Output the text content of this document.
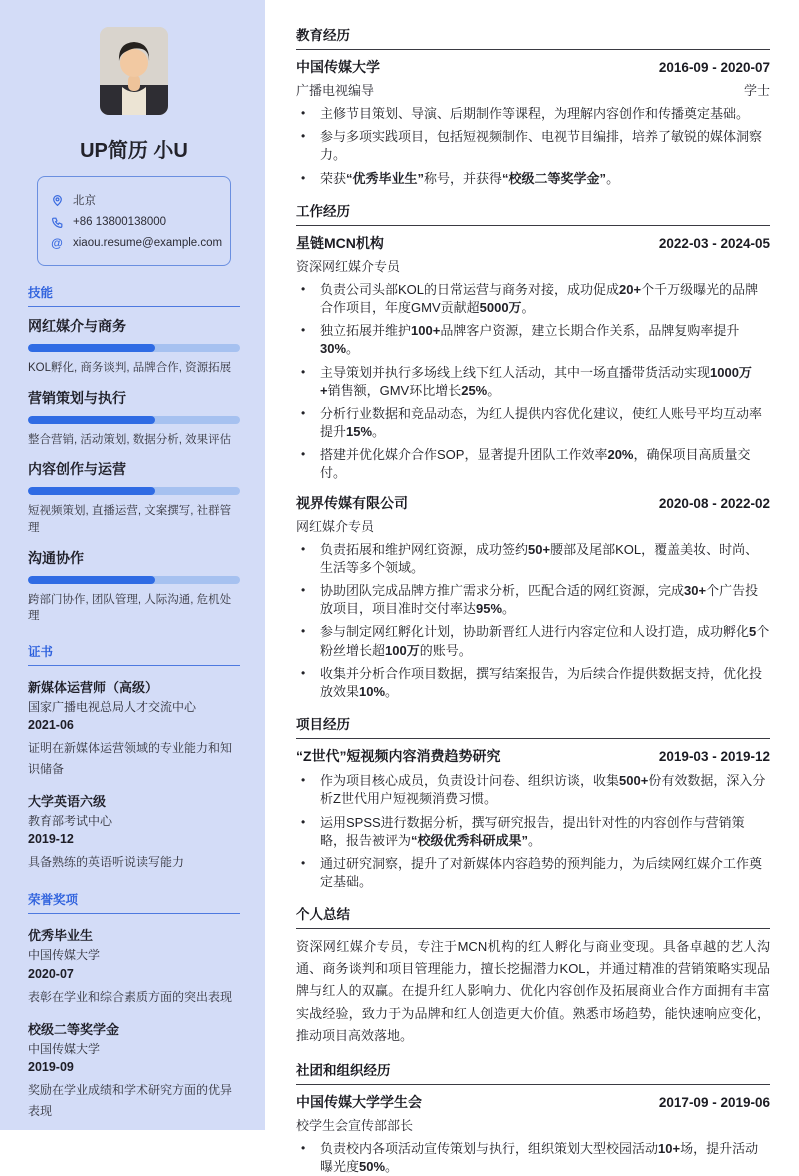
UP简历 小U
北京
+86 13800138000
@ xiaou.resume@example.com
技能
网红媒介与商务
KOL孵化, 商务谈判, 品牌合作, 资源拓展
营销策划与执行
整合营销, 活动策划, 数据分析, 效果评估
内容创作与运营
短视频策划, 直播运营, 文案撰写, 社群管理
沟通协作
跨部门协作, 团队管理, 人际沟通, 危机处理
证书
新媒体运营师（高级）
国家广播电视总局人才交流中心
2021-06
证明在新媒体运营领域的专业能力和知识储备
大学英语六级
教育部考试中心
2019-12
具备熟练的英语听说读写能力
荣誉奖项
优秀毕业生
中国传媒大学
2020-07
表彰在学业和综合素质方面的突出表现
校级二等奖学金
中国传媒大学
2019-09
奖励在学业成绩和学术研究方面的优异表现
教育经历
中国传媒大学	2016-09 - 2020-07
广播电视编导	学士
•	主修节目策划、导演、后期制作等课程，为理解内容创作和传播奠定基础。
•	参与多项实践项目，包括短视频制作、电视节目编排，培养了敏锐的媒体洞察力。
•	荣获“优秀毕业生”称号，并获得“校级二等奖学金”。
工作经历
星链MCN机构	2022-03 - 2024-05
资深网红媒介专员
•	负责公司头部KOL的日常运营与商务对接，成功促成20+个千万级曝光的品牌合作项目，年度GMV贡献超5000万。
•	独立拓展并维护100+品牌客户资源，建立长期合作关系，品牌复购率提升30%。
•	主导策划并执行多场线上线下红人活动，其中一场直播带货活动实现1000万+销售额，GMV环比增长25%。
•	分析行业数据和竞品动态，为红人提供内容优化建议，使红人账号平均互动率提升15%。
•	搭建并优化媒介合作SOP，显著提升团队工作效率20%，确保项目高质量交付。
视界传媒有限公司	2020-08 - 2022-02
网红媒介专员
•	负责拓展和维护网红资源，成功签约50+腰部及尾部KOL，覆盖美妆、时尚、生活等多个领域。
•	协助团队完成品牌方推广需求分析，匹配合适的网红资源，完成30+个广告投放项目，项目准时交付率达95%。
•	参与制定网红孵化计划，协助新晋红人进行内容定位和人设打造，成功孵化5个粉丝增长超100万的账号。
•	收集并分析合作项目数据，撰写结案报告，为后续合作提供数据支持，优化投放效果10%。
项目经历
“Z世代”短视频内容消费趋势研究	2019-03 - 2019-12
•	作为项目核心成员，负责设计问卷、组织访谈，收集500+份有效数据，深入分析Z世代用户短视频消费习惯。
•	运用SPSS进行数据分析，撰写研究报告，提出针对性的内容创作与营销策略，报告被评为“校级优秀科研成果”。
•	通过研究洞察，提升了对新媒体内容趋势的预判能力，为后续网红媒介工作奠定基础。
个人总结
资深网红媒介专员，专注于MCN机构的红人孵化与商业变现。具备卓越的艺人沟通、商务谈判和项目管理能力，擅长挖掘潜力KOL，并通过精准的营销策略实现品牌与红人的双赢。在提升红人影响力、优化内容创作及拓展商业合作方面拥有丰富实战经验，致力于为品牌和红人创造更大价值。熟悉市场趋势，能快速响应变化，推动项目高效落地。
社团和组织经历
中国传媒大学学生会	2017-09 - 2019-06
校学生会宣传部部长
•	负责校内各项活动宣传策划与执行，组织策划大型校园活动10+场，提升活动曝光度50%。
